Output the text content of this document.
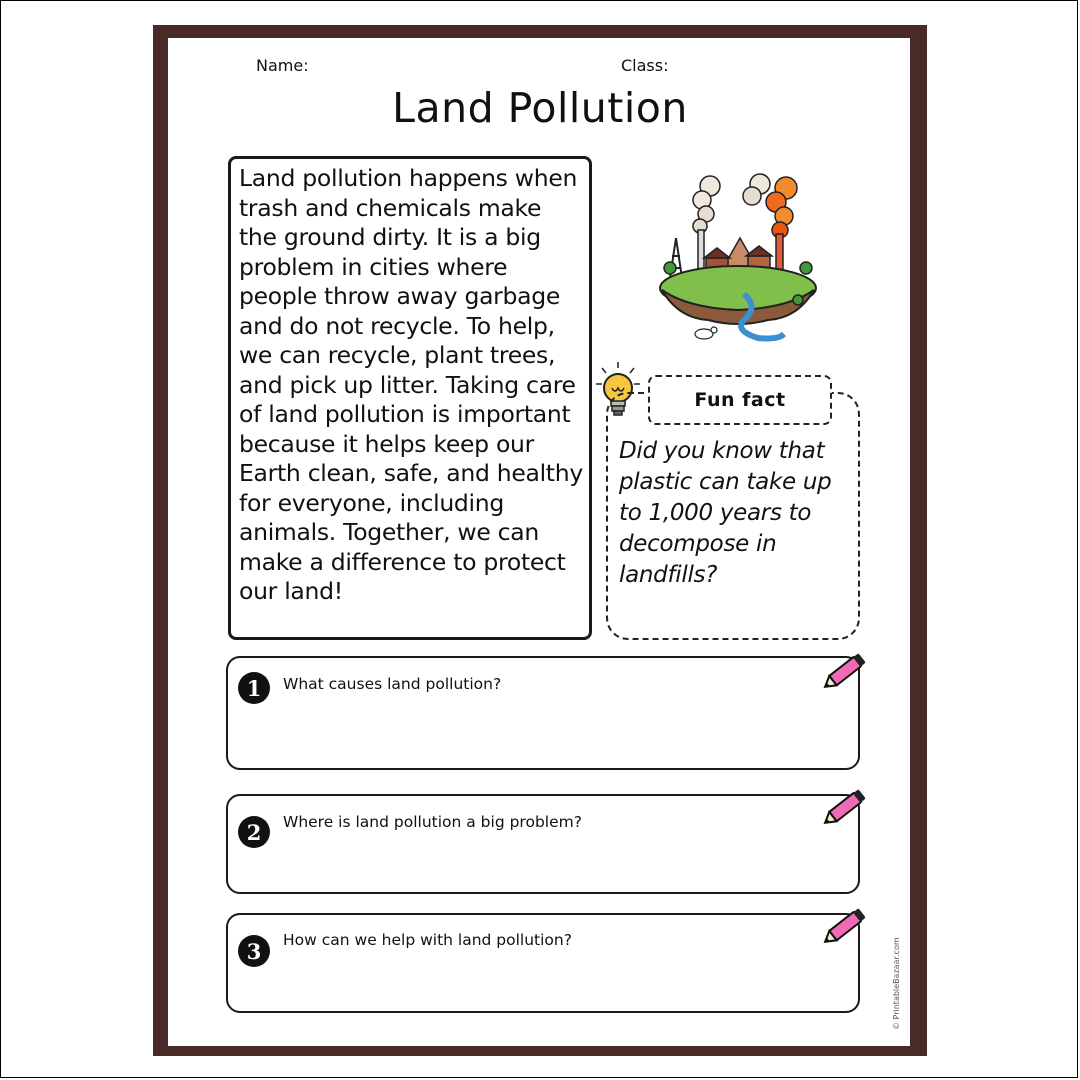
Name:	Class:
Land Pollution
Land pollution happens when trash and chemicals make the ground dirty. It is a big problem in cities where people throw away garbage and do not recycle. To help, we can recycle, plant trees, and pick up litter. Taking care of land pollution is important because it helps keep our Earth clean, safe, and healthy for everyone, including animals. Together, we can make a difference to protect our land!
Fun fact
Did you know that plastic can take up to 1,000 years to decompose in landfills?
1	What causes land pollution?
2	Where is land pollution a big problem?
3	How can we help with land pollution?	© PrintableBazaar.com
